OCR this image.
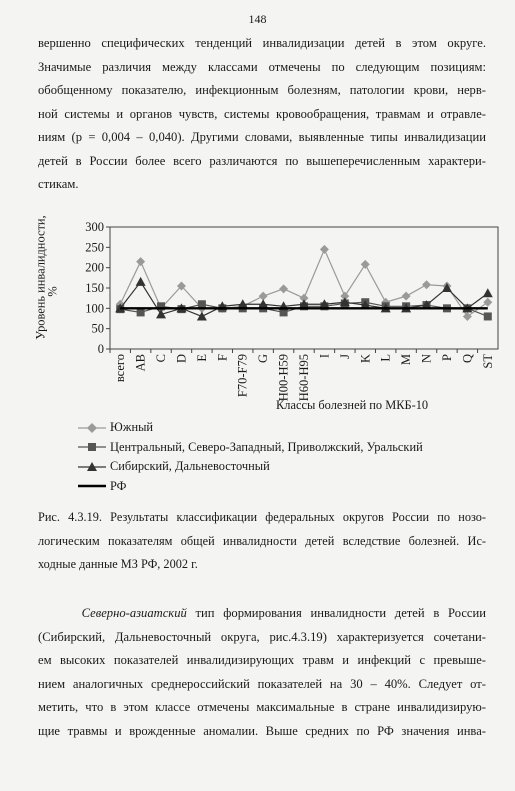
148
вершенно специфических тенденций инвалидизации детей в этом округе.
Значимые различия между классами отмечены по следующим позициям:
обобщенному показателю, инфекционным болезням, патологии крови, нерв-
ной системы и органов чувств, системы кровообращения, травмам и отравле-
ниям (р = 0,004 – 0,040). Другими словами, выявленные типы инвалидизации
детей в России более всего различаются по вышеперечисленным характери-
стикам.
0
50
100
150
200
250
300
всего AB C D E F F70-F79 G H00-H59 H60-H95 I J K L M N P Q ST
Уровень инвалидности,
%
Классы болезней по МКБ-10
Южный
Центральный, Северо-Западный, Приволжский, Уральский
Сибирский, Дальневосточный
РФ
Рис. 4.3.19. Результаты классификации федеральных округов России по нозо-
логическим показателям общей инвалидности детей вследствие болезней. Ис-
ходные данные МЗ РФ, 2002 г.
Северно-азиатский тип формирования инвалидности детей в России
(Сибирский, Дальневосточный округа, рис.4.3.19) характеризуется сочетани-
ем высоких показателей инвалидизирующих травм и инфекций с превыше-
нием аналогичных среднероссийский показателей на 30 – 40%. Следует от-
метить, что в этом классе отмечены максимальные в стране инвалидизирую-
щие травмы и врожденные аномалии. Выше средних по РФ значения инва-
